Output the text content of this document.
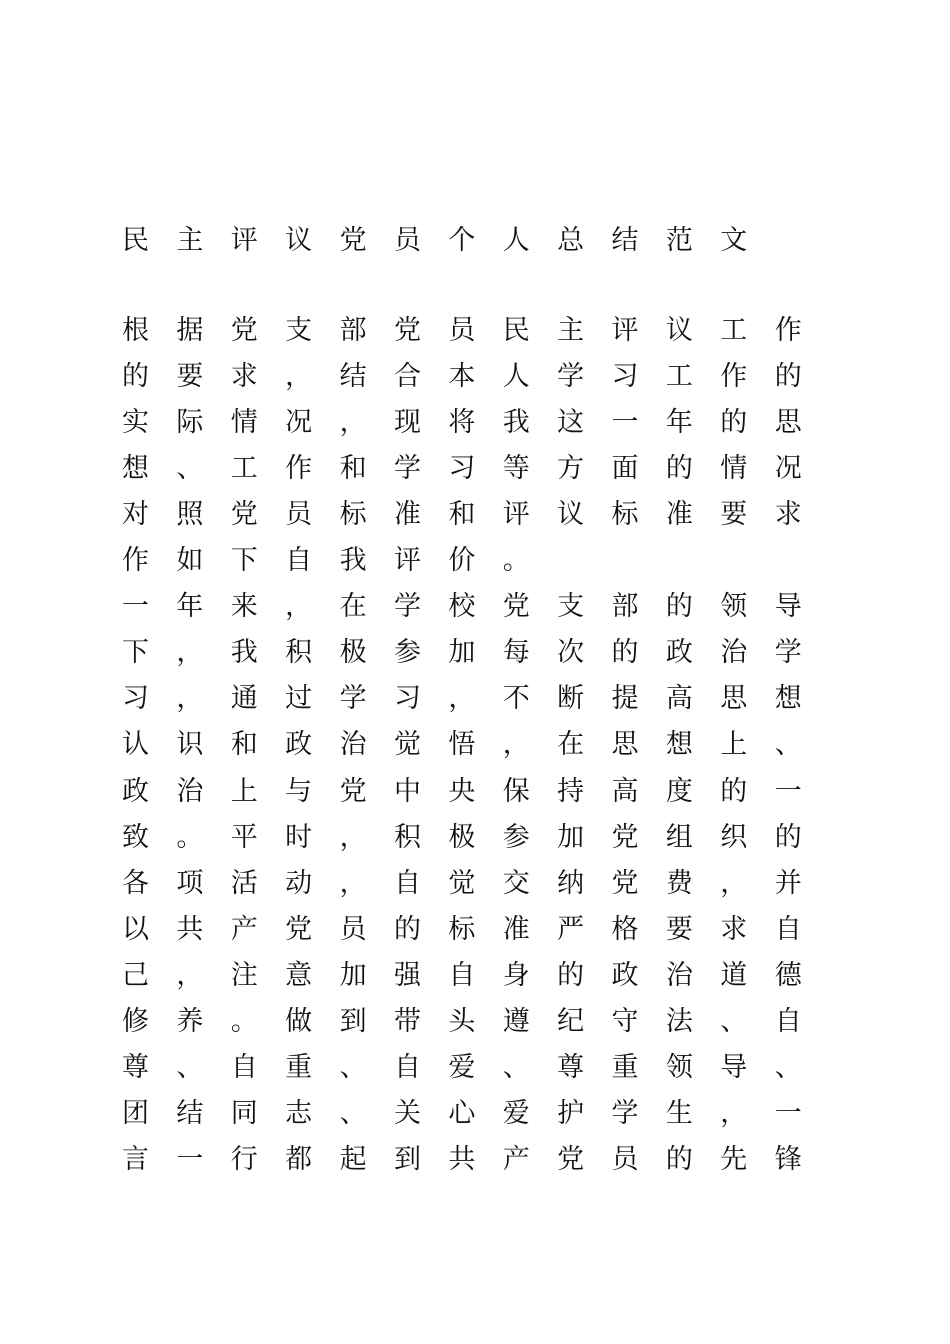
民	主	评	议	党	员	个	人	总	结	范	文
根	据	党	支	部	党	员	民	主	评	议	工	作
的	要	求	，	结	合	本	人	学	习	工	作	的
实	际	情	况	，	现	将	我	这	一	年	的	思
想	、	工	作	和	学	习	等	方	面	的	情	况
对	照	党	员	标	准	和	评	议	标	准	要	求
作	如	下	自	我	评	价	。
一	年	来	，	在	学	校	党	支	部	的	领	导
下	，	我	积	极	参	加	每	次	的	政	治	学
习	，	通	过	学	习	，	不	断	提	高	思	想
认	识	和	政	治	觉	悟	，	在	思	想	上	、
政	治	上	与	党	中	央	保	持	高	度	的	一
致	。	平	时	，	积	极	参	加	党	组	织	的
各	项	活	动	，	自	觉	交	纳	党	费	，	并
以	共	产	党	员	的	标	准	严	格	要	求	自
己	，	注	意	加	强	自	身	的	政	治	道	德
修	养	。	做	到	带	头	遵	纪	守	法	、	自
尊	、	自	重	、	自	爱	、	尊	重	领	导	、
团	结	同	志	、	关	心	爱	护	学	生	，	一
言	一	行	都	起	到	共	产	党	员	的	先	锋
